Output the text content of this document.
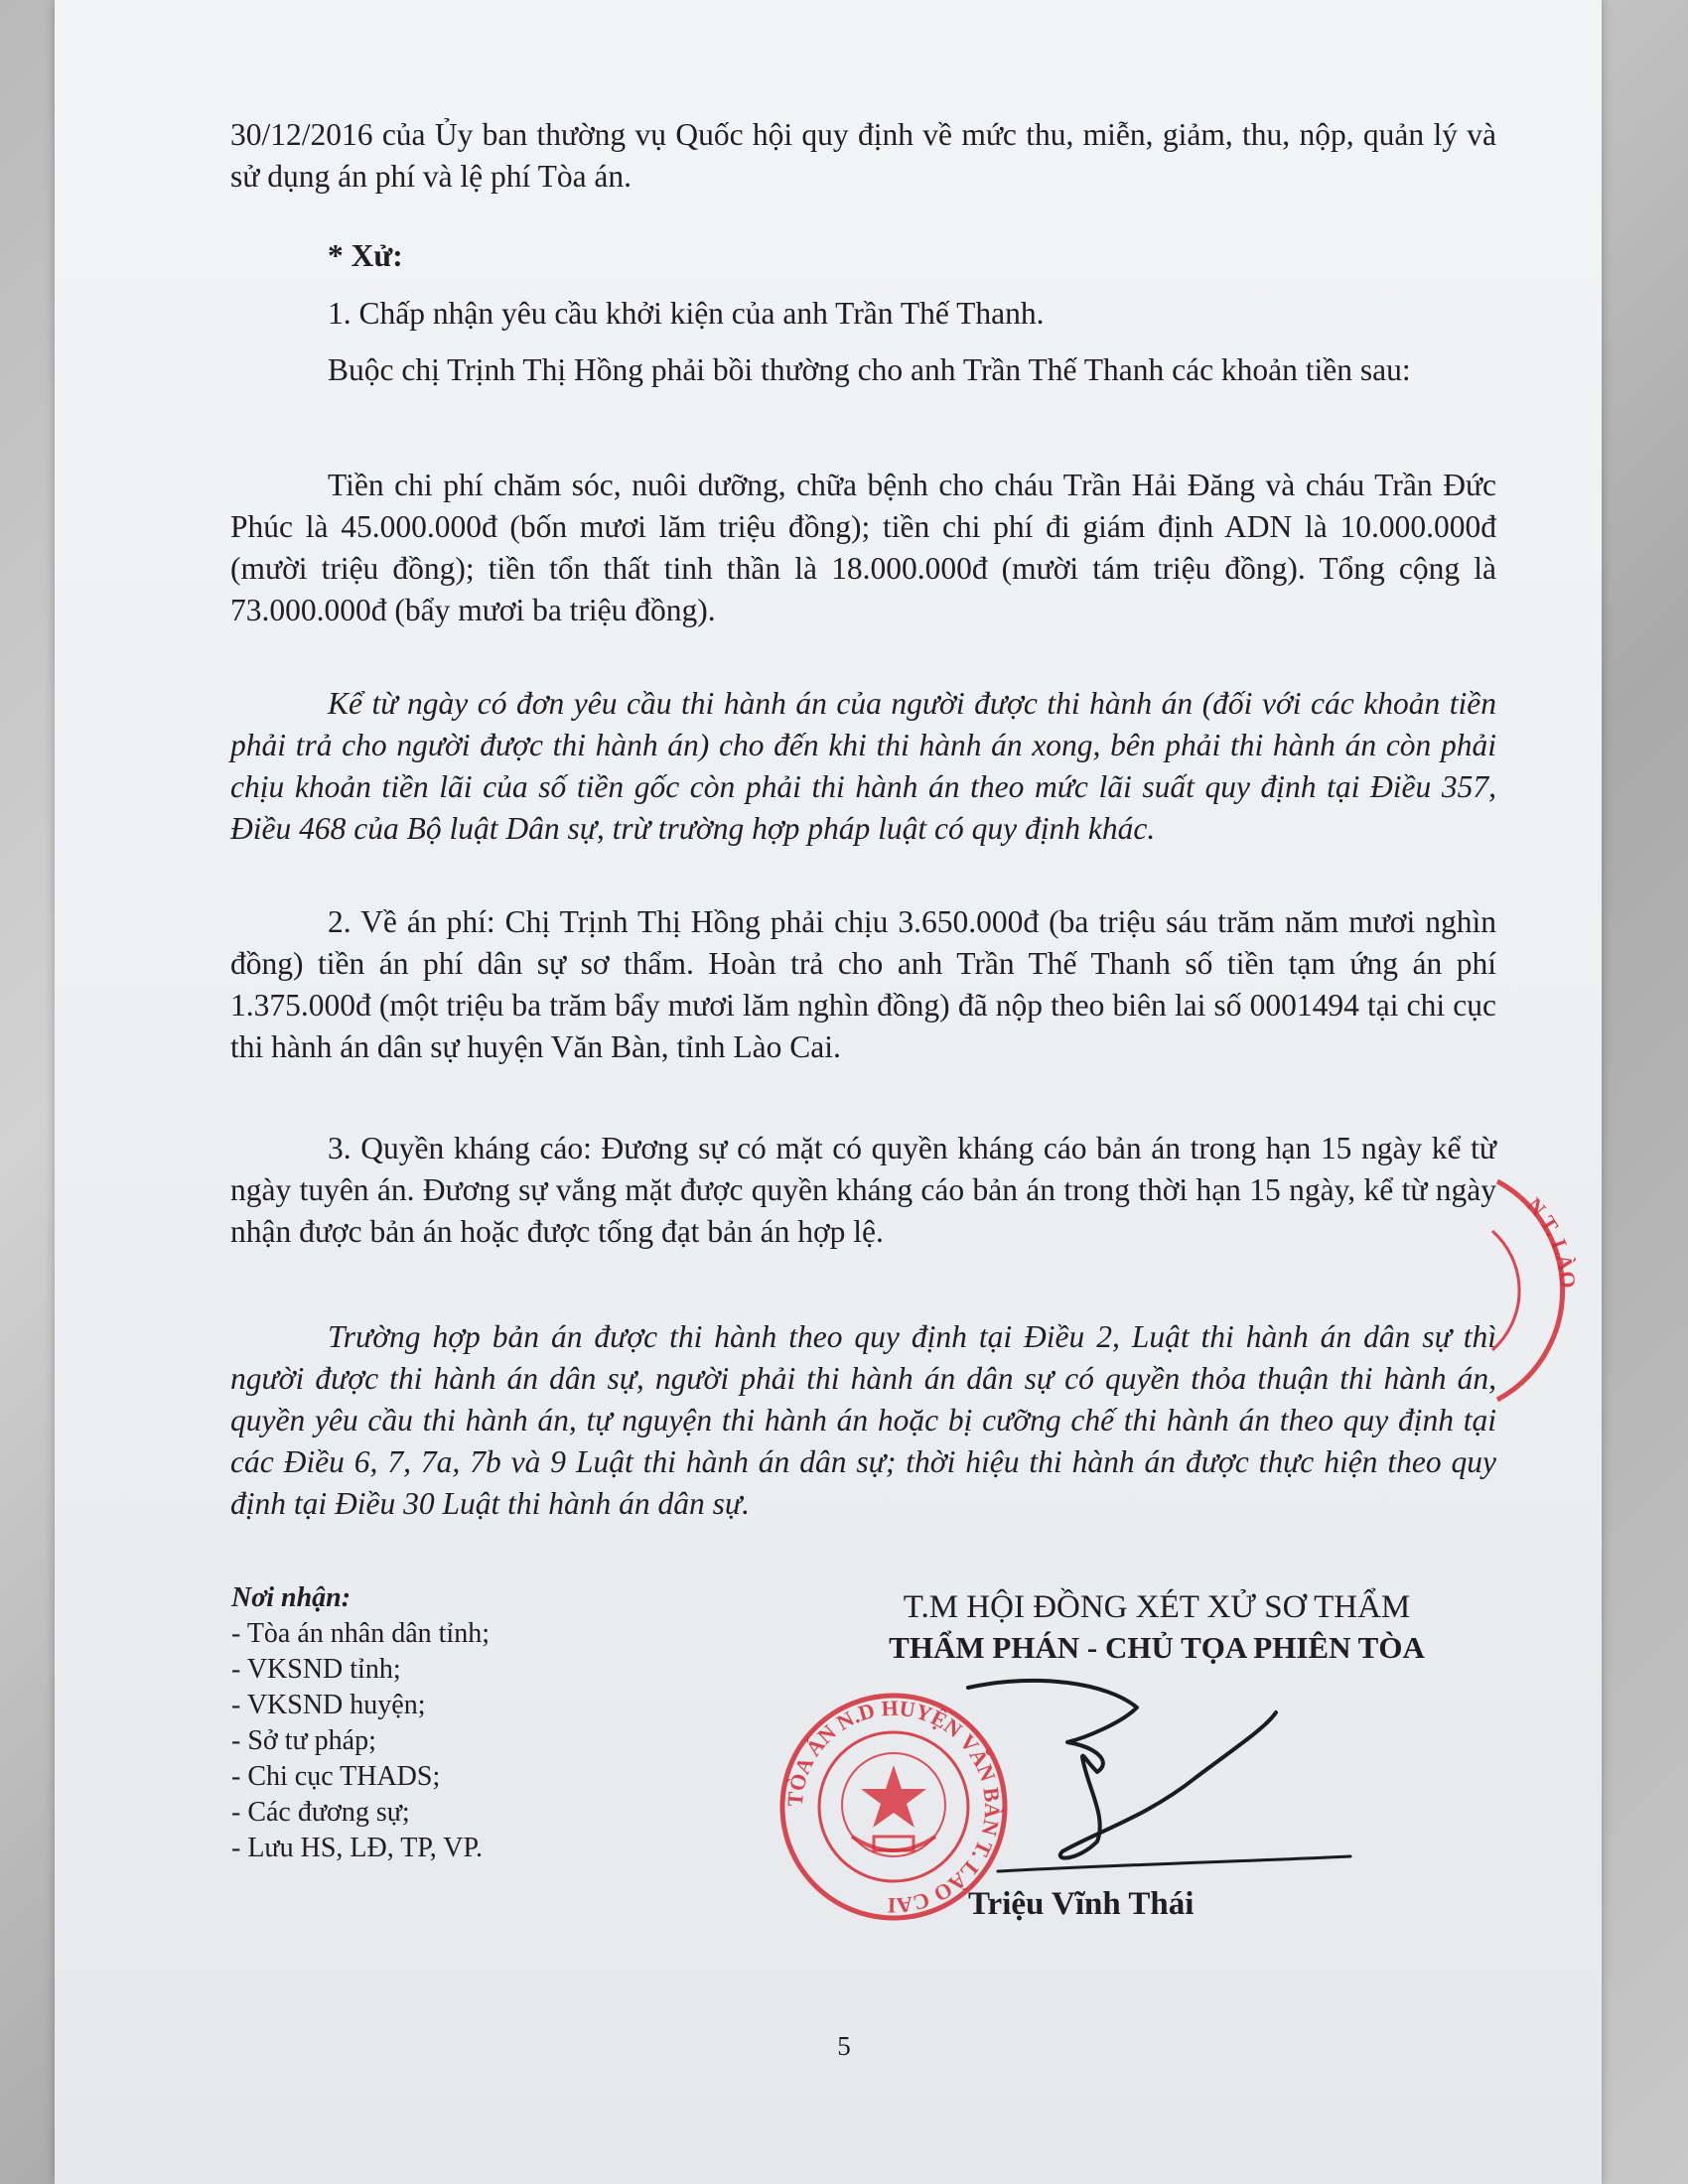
30/12/2016 của Ủy ban thường vụ Quốc hội quy định về mức thu, miễn, giảm, thu, nộp, quản lý và sử dụng án phí và lệ phí Tòa án.

* Xử:

1. Chấp nhận yêu cầu khởi kiện của anh Trần Thế Thanh.

Buộc chị Trịnh Thị Hồng phải bồi thường cho anh Trần Thế Thanh các khoản tiền sau:

Tiền chi phí chăm sóc, nuôi dưỡng, chữa bệnh cho cháu Trần Hải Đăng và cháu Trần Đức Phúc là 45.000.000đ (bốn mươi lăm triệu đồng); tiền chi phí đi giám định ADN là 10.000.000đ (mười triệu đồng); tiền tổn thất tinh thần là 18.000.000đ (mười tám triệu đồng). Tổng cộng là 73.000.000đ (bẩy mươi ba triệu đồng).

Kể từ ngày có đơn yêu cầu thi hành án của người được thi hành án (đối với các khoản tiền phải trả cho người được thi hành án) cho đến khi thi hành án xong, bên phải thi hành án còn phải chịu khoản tiền lãi của số tiền gốc còn phải thi hành án theo mức lãi suất quy định tại Điều 357, Điều 468 của Bộ luật Dân sự, trừ trường hợp pháp luật có quy định khác.

2. Về án phí: Chị Trịnh Thị Hồng phải chịu 3.650.000đ (ba triệu sáu trăm năm mươi nghìn đồng) tiền án phí dân sự sơ thẩm. Hoàn trả cho anh Trần Thế Thanh số tiền tạm ứng án phí 1.375.000đ (một triệu ba trăm bẩy mươi lăm nghìn đồng) đã nộp theo biên lai số 0001494 tại chi cục thi hành án dân sự huyện Văn Bàn, tỉnh Lào Cai.

3. Quyền kháng cáo: Đương sự có mặt có quyền kháng cáo bản án trong hạn 15 ngày kể từ ngày tuyên án. Đương sự vắng mặt được quyền kháng cáo bản án trong thời hạn 15 ngày, kể từ ngày nhận được bản án hoặc được tống đạt bản án hợp lệ.

Trường hợp bản án được thi hành theo quy định tại Điều 2, Luật thi hành án dân sự thì người được thi hành án dân sự, người phải thi hành án dân sự có quyền thỏa thuận thi hành án, quyền yêu cầu thi hành án, tự nguyện thi hành án hoặc bị cưỡng chế thi hành án theo quy định tại các Điều 6, 7, 7a, 7b và 9 Luật thi hành án dân sự; thời hiệu thi hành án được thực hiện theo quy định tại Điều 30 Luật thi hành án dân sự.

Nơi nhận:
- Tòa án nhân dân tỉnh;
- VKSND tỉnh;
- VKSND huyện;
- Sở tư pháp;
- Chi cục THADS;
- Các đương sự;
- Lưu HS, LĐ, TP, VP.
T.M HỘI ĐỒNG XÉT XỬ SƠ THẨM
THẨM PHÁN - CHỦ TỌA PHIÊN TÒA
TÒA ÁN N.D HUYỆN VĂN BÀN T. LÀO CAI
N T. LÀO
Triệu Vĩnh Thái
5
